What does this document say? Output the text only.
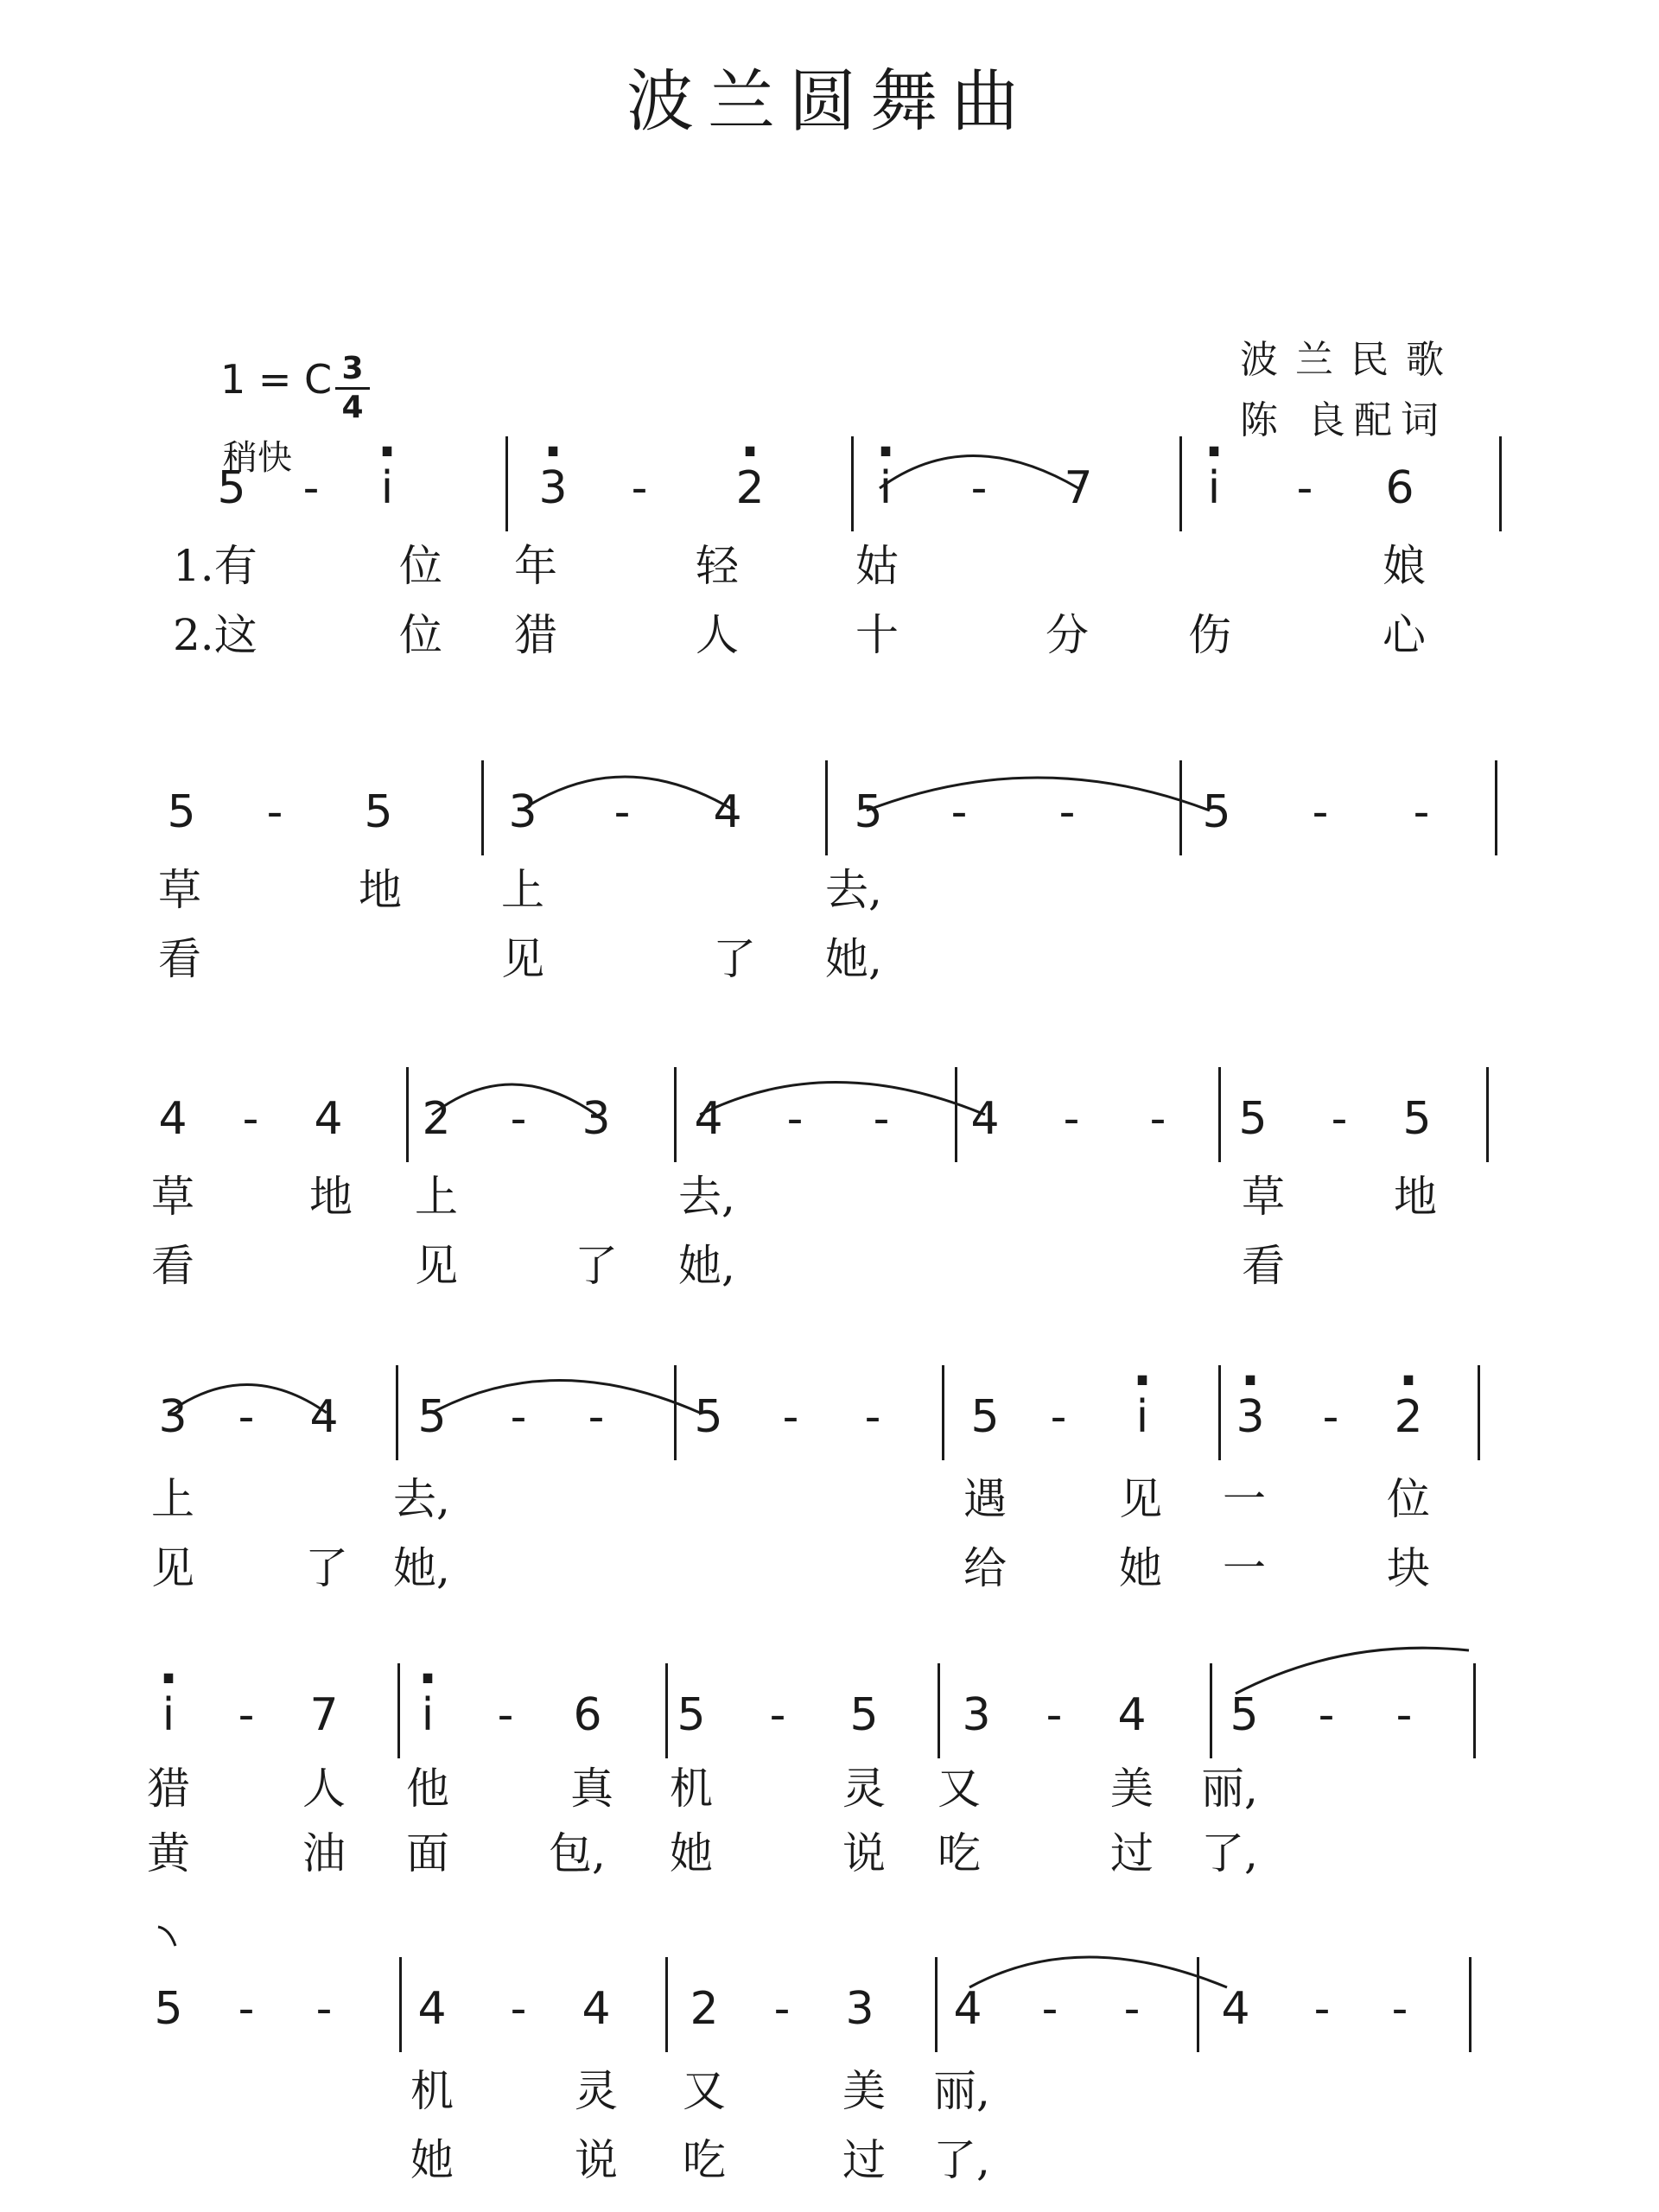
波兰圆舞曲
波兰民歌
陈 良配词
1 = C 3
4
稍快
5	-	· i	· 3	-	· 2	· i	-	7	· i	-	6
1.有	位	年	轻	姑	娘
2.这	位	猎	人	十	分	伤	心
5	-	5	3	-	4	5	-	-	5	-	-
草	地	上	去,
看	见	了	她,
4	-	4	2	-	3	4	-	-	4	-	-	5	-	5
草	地	上	去,	草	地
看	见	了	她,	看
3	-	4	5	-	-	5	-	-	5	-	· i	· 3	-	· 2
上	去,	遇	见	一	位
见	了	她,	给	她	一	块
· i	-	7	· i	-	6	5	-	5	3	-	4	5	-	-
猎	人	他	真	机	灵	又	美	丽,
黄	油	面	包,	她	说	吃	过	了,
5	-	-	4	-	4	2	-	3	4	-	-	4	-	-
机	灵	又	美	丽,
她	说	吃	过	了,
